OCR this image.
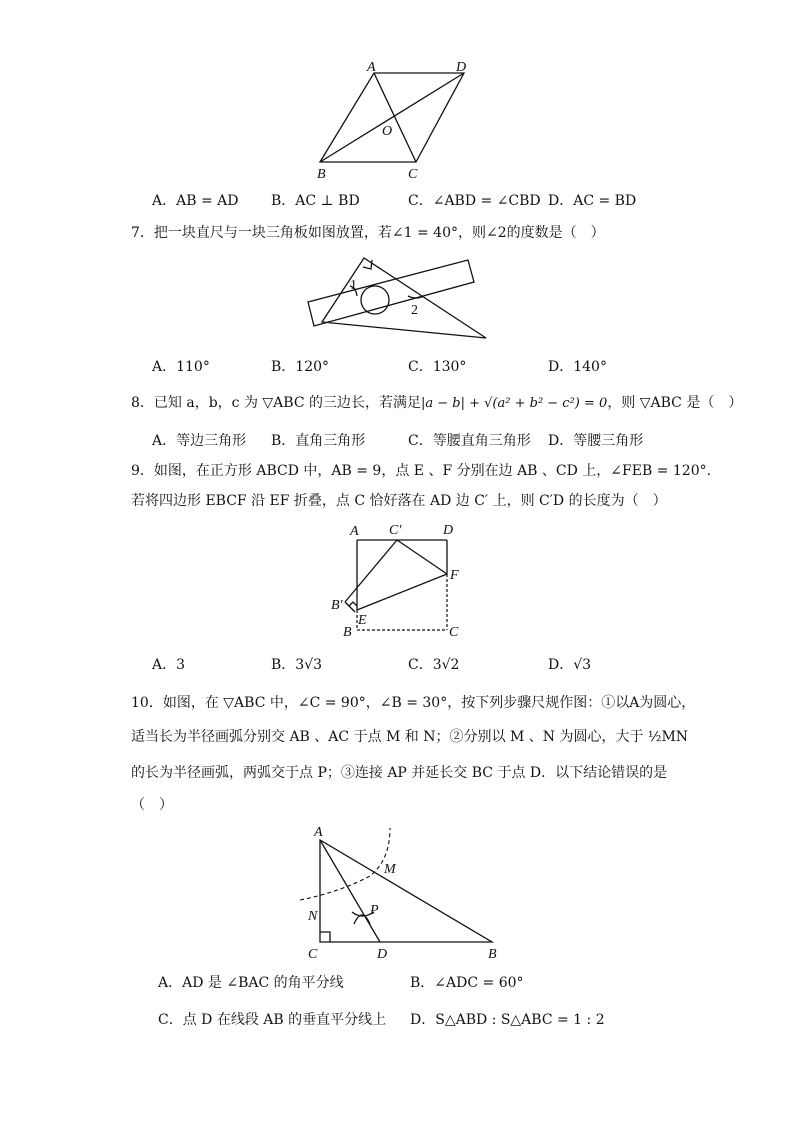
A	D
B	C
O
A．AB = AD B．AC ⊥ BD	C．∠ABD = ∠CBD D．AC = BD
7．把一块直尺与一块三角板如图放置，若∠1 = 40°，则∠2的度数是（　）
1
2
A．110°	B．120°	C．130°	D．140°
8．已知 a，b，c 为 ▽ABC 的三边长，若满足|a − b| + √(a² + b² − c²) = 0，则 ▽ABC 是（　）
A．等边三角形 B．直角三角形	C．等腰直角三角形 D．等腰三角形
9．如图，在正方形 ABCD 中，AB = 9，点 E 、F 分别在边 AB 、CD 上，∠FEB = 120°.
若将四边形 EBCF 沿 EF 折叠，点 C 恰好落在 AD 边 C′ 上，则 C′D 的长度为（　）
A C′	D
F
B′
E
B	C
A．3	B．3√3	C．3√2	D．√3
10．如图，在 ▽ABC 中，∠C = 90°，∠B = 30°，按下列步骤尺规作图：①以A为圆心，
适当长为半径画弧分别交 AB 、AC 于点 M 和 N；②分别以 M 、N 为圆心，大于 ½MN
的长为半径画弧，两弧交于点 P；③连接 AP 并延长交 BC 于点 D．以下结论错误的是
（　）
A
M
N	P
C	D	B
A．AD 是 ∠BAC 的角平分线	B．∠ADC = 60°
C．点 D 在线段 AB 的垂直平分线上 D．S△ABD : S△ABC = 1 : 2
